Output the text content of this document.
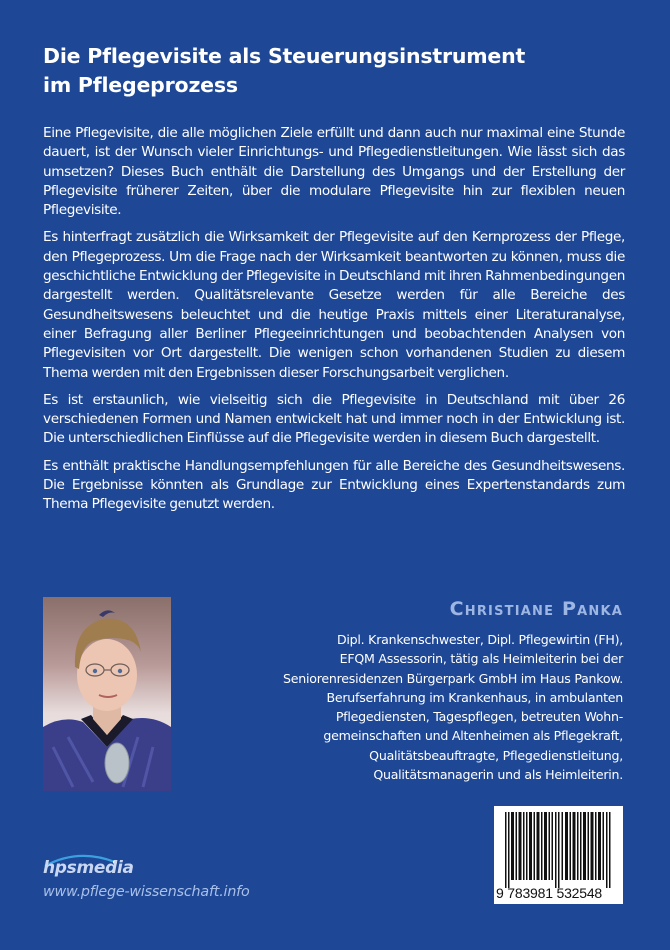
Die Pflegevisite als Steuerungsinstrument
im Pflegeprozess

Eine Pflegevisite, die alle möglichen Ziele erfüllt und dann auch nur maximal eine Stunde dauert, ist der Wunsch vieler Einrichtungs- und Pflegedienstleitungen. Wie lässt sich das umsetzen? Dieses Buch enthält die Darstellung des Umgangs und der Erstellung der Pflegevisite früherer Zeiten, über die modulare Pflegevisite hin zur flexiblen neuen Pflegevisite.

Es hinterfragt zusätzlich die Wirksamkeit der Pflegevisite auf den Kernprozess der Pflege, den Pflegeprozess. Um die Frage nach der Wirksamkeit beantworten zu können, muss die geschichtliche Entwicklung der Pflegevisite in Deutschland mit ihren Rahmenbedingungen dargestellt werden. Qualitätsrelevante Gesetze werden für alle Bereiche des Gesundheitswesens beleuchtet und die heutige Praxis mittels einer Literaturanalyse, einer Befragung aller Berliner Pflegeeinrichtungen und beobachtenden Analysen von Pflegevisiten vor Ort dargestellt. Die wenigen schon vorhandenen Studien zu diesem Thema werden mit den Ergebnissen dieser Forschungsarbeit verglichen.

Es ist erstaunlich, wie vielseitig sich die Pflegevisite in Deutschland mit über 26 verschiedenen Formen und Namen entwickelt hat und immer noch in der Entwicklung ist. Die unterschiedlichen Einflüsse auf die Pflegevisite werden in diesem Buch dargestellt.

Es enthält praktische Handlungsempfehlungen für alle Bereiche des Gesundheitswesens. Die Ergebnisse könnten als Grundlage zur Entwicklung eines Expertenstandards zum Thema Pflegevisite genutzt werden.

Christiane Panka
Dipl. Krankenschwester, Dipl. Pflegewirtin (FH),
EFQM Assessorin, tätig als Heimleiterin bei der
Seniorenresidenzen Bürgerpark GmbH im Haus Pankow.
Berufserfahrung im Krankenhaus, in ambulanten
Pflegediensten, Tagespflegen, betreuten Wohn-
gemeinschaften und Altenheimen als Pflegekraft,
Qualitätsbeauftragte, Pflegedienstleitung,
Qualitätsmanagerin und als Heimleiterin.
hpsmedia
www.pflege-wissenschaft.info	9 783981 532548
